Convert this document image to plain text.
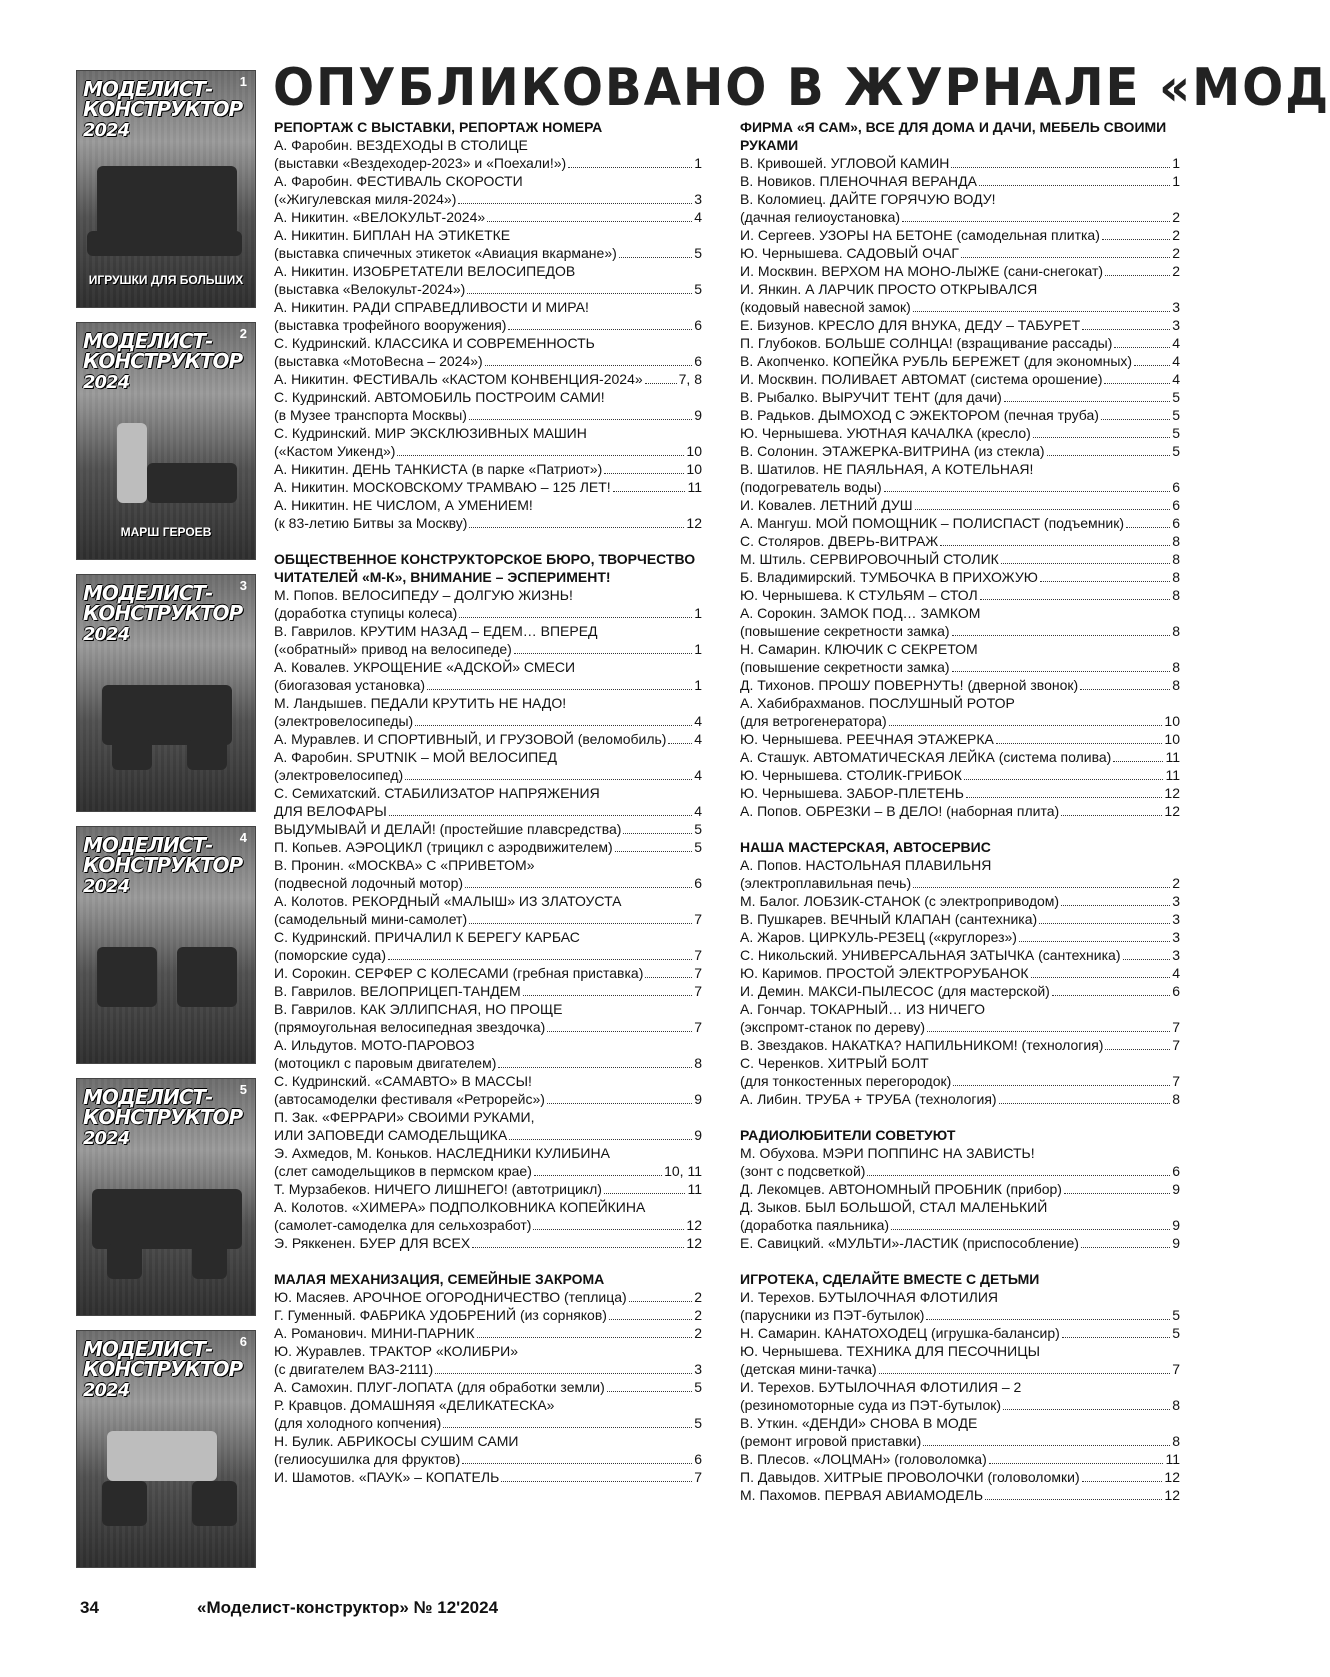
ОПУБЛИКОВАНО В ЖУРНАЛЕ «МОД
1
МОДЕЛИСТ-КОНСТРУКТОР
2024
ИГРУШКИ ДЛЯ БОЛЬШИХ
2
МОДЕЛИСТ-КОНСТРУКТОР
2024
МАРШ ГЕРОЕВ
3
МОДЕЛИСТ-КОНСТРУКТОР
2024
4
МОДЕЛИСТ-КОНСТРУКТОР
2024
5
МОДЕЛИСТ-КОНСТРУКТОР
2024
6
МОДЕЛИСТ-КОНСТРУКТОР
2024
РЕПОРТАЖ С ВЫСТАВКИ, РЕПОРТАЖ НОМЕРА
А. Фаробин. ВЕЗДЕХОДЫ В СТОЛИЦЕ
(выставки «Вездеходер-2023» и «Поехали!»)	1
А. Фаробин. ФЕСТИВАЛЬ СКОРОСТИ
(«Жигулевская миля-2024»)	3
А. Никитин. «ВЕЛОКУЛЬТ-2024»	4
А. Никитин. БИПЛАН НА ЭТИКЕТКЕ
(выставка спичечных этикеток «Авиация вкармане»)	5
А. Никитин. ИЗОБРЕТАТЕЛИ ВЕЛОСИПЕДОВ
(выставка «Велокульт-2024»)	5
А. Никитин. РАДИ СПРАВЕДЛИВОСТИ И МИРА!
(выставка трофейного вооружения)	6
С. Кудринский. КЛАССИКА И СОВРЕМЕННОСТЬ
(выставка «МотоВесна – 2024»)	6
А. Никитин. ФЕСТИВАЛЬ «КАСТОМ КОНВЕНЦИЯ-2024»	7, 8
С. Кудринский. АВТОМОБИЛЬ ПОСТРОИМ САМИ!
(в Музее транспорта Москвы)	9
С. Кудринский. МИР ЭКСКЛЮЗИВНЫХ МАШИН
(«Кастом Уикенд»)	10
А. Никитин. ДЕНЬ ТАНКИСТА (в парке «Патриот»)	10
А. Никитин. МОСКОВСКОМУ ТРАМВАЮ – 125 ЛЕТ!	11
А. Никитин. НЕ ЧИСЛОМ, А УМЕНИЕМ!
(к 83-летию Битвы за Москву)	12
ОБЩЕСТВЕННОЕ КОНСТРУКТОРСКОЕ БЮРО, ТВОРЧЕСТВО ЧИТАТЕЛЕЙ «М-К», ВНИМАНИЕ – ЭСПЕРИМЕНТ!
М. Попов. ВЕЛОСИПЕДУ – ДОЛГУЮ ЖИЗНЬ!
(доработка ступицы колеса)	1
В. Гаврилов. КРУТИМ НАЗАД – ЕДЕМ… ВПЕРЕД
(«обратный» привод на велосипеде)	1
А. Ковалев. УКРОЩЕНИЕ «АДСКОЙ» СМЕСИ
(биогазовая установка)	1
М. Ландышев. ПЕДАЛИ КРУТИТЬ НЕ НАДО!
(электровелосипеды)	4
А. Муравлев. И СПОРТИВНЫЙ, И ГРУЗОВОЙ (веломобиль) 4
А. Фаробин. SPUTNIK – МОЙ ВЕЛОСИПЕД
(электровелосипед)	4
С. Семихатский. СТАБИЛИЗАТОР НАПРЯЖЕНИЯ
ДЛЯ ВЕЛОФАРЫ	4
ВЫДУМЫВАЙ И ДЕЛАЙ! (простейшие плавсредства)	5
П. Копьев. АЭРОЦИКЛ (трицикл с аэродвижителем)	5
В. Пронин. «МОСКВА» С «ПРИВЕТОМ»
(подвесной лодочный мотор)	6
А. Колотов. РЕКОРДНЫЙ «МАЛЫШ» ИЗ ЗЛАТОУСТА
(самодельный мини-самолет)	7
С. Кудринский. ПРИЧАЛИЛ К БЕРЕГУ КАРБАС
(поморские суда)	7
И. Сорокин. СЕРФЕР С КОЛЕСАМИ (гребная приставка)	7
В. Гаврилов. ВЕЛОПРИЦЕП-ТАНДЕМ	7
В. Гаврилов. КАК ЭЛЛИПСНАЯ, НО ПРОЩЕ
(прямоугольная велосипедная звездочка)	7
А. Ильдутов. МОТО-ПАРОВОЗ
(мотоцикл с паровым двигателем)	8
С. Кудринский. «САМАВТО» В МАССЫ!
(автосамоделки фестиваля «Ретрорейс»)	9
П. Зак. «ФЕРРАРИ» СВОИМИ РУКАМИ,
ИЛИ ЗАПОВЕДИ САМОДЕЛЬЩИКА	9
Э. Ахмедов, М. Коньков. НАСЛЕДНИКИ КУЛИБИНА
(слет самодельщиков в пермском крае)	10, 11
Т. Мурзабеков. НИЧЕГО ЛИШНЕГО! (автотрицикл)	11
А. Колотов. «ХИМЕРА» ПОДПОЛКОВНИКА КОПЕЙКИНА
(самолет-самоделка для сельхозработ)	12
Э. Ряккенен. БУЕР ДЛЯ ВСЕХ	12
МАЛАЯ МЕХАНИЗАЦИЯ, СЕМЕЙНЫЕ ЗАКРОМА
Ю. Масяев. АРОЧНОЕ ОГОРОДНИЧЕСТВО (теплица)	2
Г. Гуменный. ФАБРИКА УДОБРЕНИЙ (из сорняков)	2
А. Романович. МИНИ-ПАРНИК	2
Ю. Журавлев. ТРАКТОР «КОЛИБРИ»
(с двигателем ВАЗ-2111)	3
А. Самохин. ПЛУГ-ЛОПАТА (для обработки земли)	5
Р. Кравцов. ДОМАШНЯЯ «ДЕЛИКАТЕСКА»
(для холодного копчения)	5
Н. Булик. АБРИКОСЫ СУШИМ САМИ
(гелиосушилка для фруктов)	6
И. Шамотов. «ПАУК» – КОПАТЕЛЬ	7
ФИРМА «Я САМ», ВСЕ ДЛЯ ДОМА И ДАЧИ, МЕБЕЛЬ СВОИМИ РУКАМИ
В. Кривошей. УГЛОВОЙ КАМИН	1
В. Новиков. ПЛЕНОЧНАЯ ВЕРАНДА	1
В. Коломиец. ДАЙТЕ ГОРЯЧУЮ ВОДУ!
(дачная гелиоустановка)	2
И. Сергеев. УЗОРЫ НА БЕТОНЕ (самодельная плитка)	2
Ю. Чернышева. САДОВЫЙ ОЧАГ	2
И. Москвин. ВЕРХОМ НА МОНО-ЛЫЖЕ (сани-снегокат)	2
И. Янкин. А ЛАРЧИК ПРОСТО ОТКРЫВАЛСЯ
(кодовый навесной замок)	3
Е. Бизунов. КРЕСЛО ДЛЯ ВНУКА, ДЕДУ – ТАБУРЕТ	3
П. Глубоков. БОЛЬШЕ СОЛНЦА! (взращивание рассады)	4
В. Акопченко. КОПЕЙКА РУБЛЬ БЕРЕЖЕТ (для экономных)	4
И. Москвин. ПОЛИВАЕТ АВТОМАТ (система орошение)	4
В. Рыбалко. ВЫРУЧИТ ТЕНТ (для дачи)	5
В. Радьков. ДЫМОХОД С ЭЖЕКТОРОМ (печная труба)	5
Ю. Чернышева. УЮТНАЯ КАЧАЛКА (кресло)	5
В. Солонин. ЭТАЖЕРКА-ВИТРИНА (из стекла)	5
В. Шатилов. НЕ ПАЯЛЬНАЯ, А КОТЕЛЬНАЯ!
(подогреватель воды)	6
И. Ковалев. ЛЕТНИЙ ДУШ	6
А. Мангуш. МОЙ ПОМОЩНИК – ПОЛИСПАСТ (подъемник)	6
С. Столяров. ДВЕРЬ-ВИТРАЖ	8
М. Штиль. СЕРВИРОВОЧНЫЙ СТОЛИК	8
Б. Владимирский. ТУМБОЧКА В ПРИХОЖУЮ	8
Ю. Чернышева. К СТУЛЬЯМ – СТОЛ	8
А. Сорокин. ЗАМОК ПОД… ЗАМКОМ
(повышение секретности замка)	8
Н. Самарин. КЛЮЧИК С СЕКРЕТОМ
(повышение секретности замка)	8
Д. Тихонов. ПРОШУ ПОВЕРНУТЬ! (дверной звонок)	8
А. Хабибрахманов. ПОСЛУШНЫЙ РОТОР
(для ветрогенератора)	10
Ю. Чернышева. РЕЕЧНАЯ ЭТАЖЕРКА	10
А. Сташук. АВТОМАТИЧЕСКАЯ ЛЕЙКА (система полива)	11
Ю. Чернышева. СТОЛИК-ГРИБОК	11
Ю. Чернышева. ЗАБОР-ПЛЕТЕНЬ	12
А. Попов. ОБРЕЗКИ – В ДЕЛО! (наборная плита)	12
НАША МАСТЕРСКАЯ, АВТОСЕРВИС
А. Попов. НАСТОЛЬНАЯ ПЛАВИЛЬНЯ
(электроплавильная печь)	2
М. Балог. ЛОБЗИК-СТАНОК (с электроприводом)	3
В. Пушкарев. ВЕЧНЫЙ КЛАПАН (сантехника)	3
А. Жаров. ЦИРКУЛЬ-РЕЗЕЦ («круглорез»)	3
С. Никольский. УНИВЕРСАЛЬНАЯ ЗАТЫЧКА (сантехника)	3
Ю. Каримов. ПРОСТОЙ ЭЛЕКТРОРУБАНОК	4
И. Демин. МАКСИ-ПЫЛЕСОС (для мастерской)	6
А. Гончар. ТОКАРНЫЙ… ИЗ НИЧЕГО
(экспромт-станок по дереву)	7
В. Звездаков. НАКАТКА? НАПИЛЬНИКОМ! (технология)	7
С. Черенков. ХИТРЫЙ БОЛТ
(для тонкостенных перегородок)	7
А. Либин. ТРУБА + ТРУБА (технология)	8
РАДИОЛЮБИТЕЛИ СОВЕТУЮТ
М. Обухова. МЭРИ ПОППИНС НА ЗАВИСТЬ!
(зонт с подсветкой)	6
Д. Лекомцев. АВТОНОМНЫЙ ПРОБНИК (прибор)	9
Д. Зыков. БЫЛ БОЛЬШОЙ, СТАЛ МАЛЕНЬКИЙ
(доработка паяльника)	9
Е. Савицкий. «МУЛЬТИ»-ЛАСТИК (приспособление)	9
ИГРОТЕКА, СДЕЛАЙТЕ ВМЕСТЕ С ДЕТЬМИ
И. Терехов. БУТЫЛОЧНАЯ ФЛОТИЛИЯ
(парусники из ПЭТ-бутылок)	5
Н. Самарин. КАНАТОХОДЕЦ (игрушка-балансир)	5
Ю. Чернышева. ТЕХНИКА ДЛЯ ПЕСОЧНИЦЫ
(детская мини-тачка)	7
И. Терехов. БУТЫЛОЧНАЯ ФЛОТИЛИЯ – 2
(резиномоторные суда из ПЭТ-бутылок)	8
В. Уткин. «ДЕНДИ» СНОВА В МОДЕ
(ремонт игровой приставки)	8
В. Плесов. «ЛОЦМАН» (головоломка)	11
П. Давыдов. ХИТРЫЕ ПРОВОЛОЧКИ (головоломки)	12
М. Пахомов. ПЕРВАЯ АВИАМОДЕЛЬ	12
34	«Моделист-конструктор» № 12'2024
